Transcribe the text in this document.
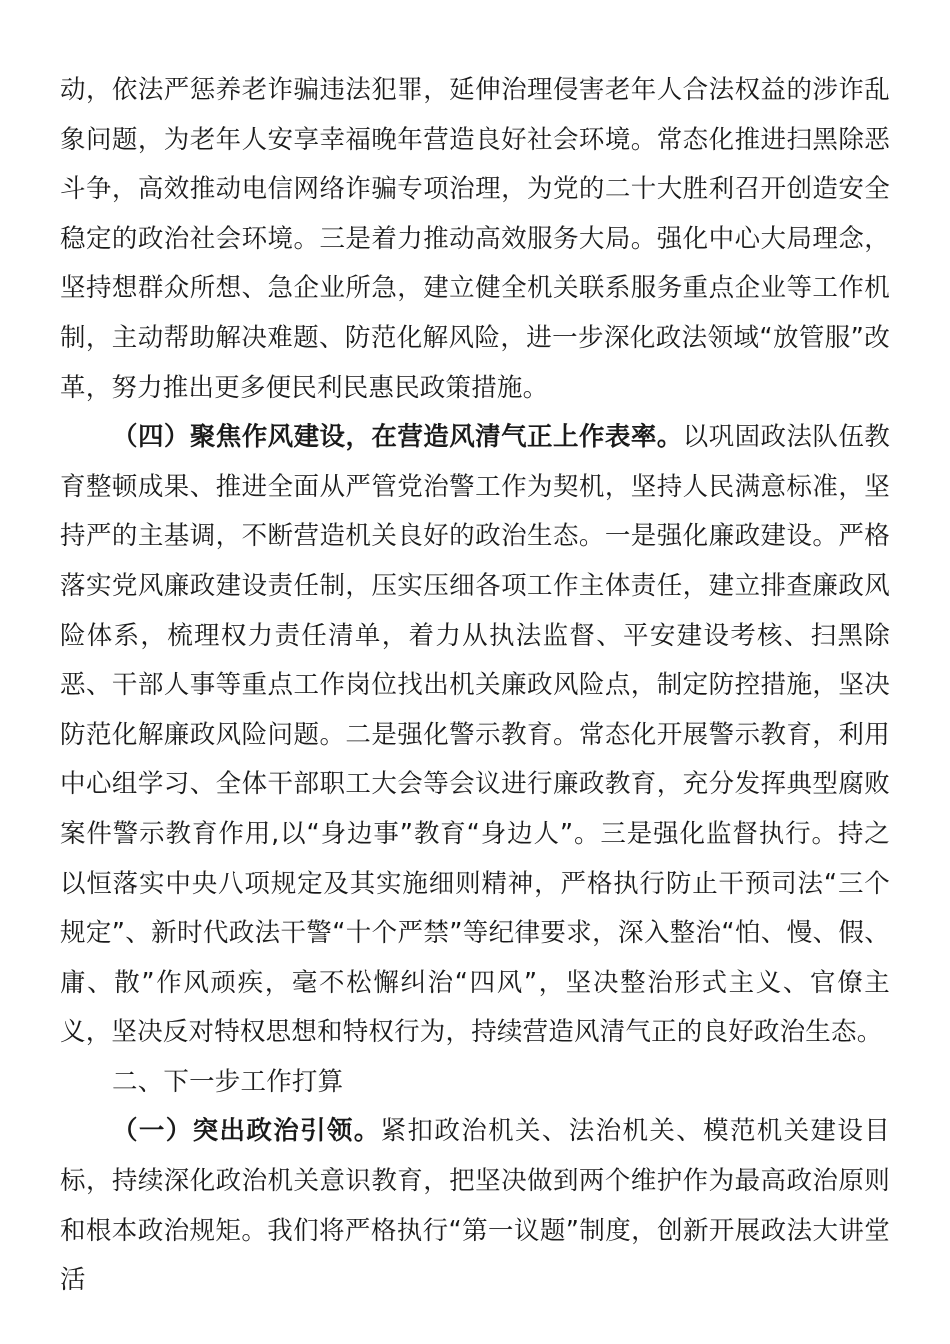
动，依法严惩养老诈骗违法犯罪，延伸治理侵害老年人合法权益的涉诈乱象问题，为老年人安享幸福晚年营造良好社会环境。常态化推进扫黑除恶斗争，高效推动电信网络诈骗专项治理，为党的二十大胜利召开创造安全稳定的政治社会环境。三是着力推动高效服务大局。强化中心大局理念，坚持想群众所想、急企业所急，建立健全机关联系服务重点企业等工作机制，主动帮助解决难题、防范化解风险，进一步深化政法领域“放管服”改革，努力推出更多便民利民惠民政策措施。

（四）聚焦作风建设，在营造风清气正上作表率。以巩固政法队伍教育整顿成果、推进全面从严管党治警工作为契机，坚持人民满意标准，坚持严的主基调，不断营造机关良好的政治生态。一是强化廉政建设。严格落实党风廉政建设责任制，压实压细各项工作主体责任，建立排查廉政风险体系，梳理权力责任清单，着力从执法监督、平安建设考核、扫黑除恶、干部人事等重点工作岗位找出机关廉政风险点，制定防控措施，坚决防范化解廉政风险问题。二是强化警示教育。常态化开展警示教育，利用中心组学习、全体干部职工大会等会议进行廉政教育，充分发挥典型腐败案件警示教育作用,以“身边事”教育“身边人”。三是强化监督执行。持之以恒落实中央八项规定及其实施细则精神，严格执行防止干预司法“三个规定”、新时代政法干警“十个严禁”等纪律要求，深入整治“怕、慢、假、庸、散”作风顽疾，毫不松懈纠治“四风”，坚决整治形式主义、官僚主义，坚决反对特权思想和特权行为，持续营造风清气正的良好政治生态。

二、下一步工作打算

（一）突出政治引领。紧扣政治机关、法治机关、模范机关建设目标，持续深化政治机关意识教育，把坚决做到两个维护作为最高政治原则和根本政治规矩。我们将严格执行“第一议题”制度，创新开展政法大讲堂活
